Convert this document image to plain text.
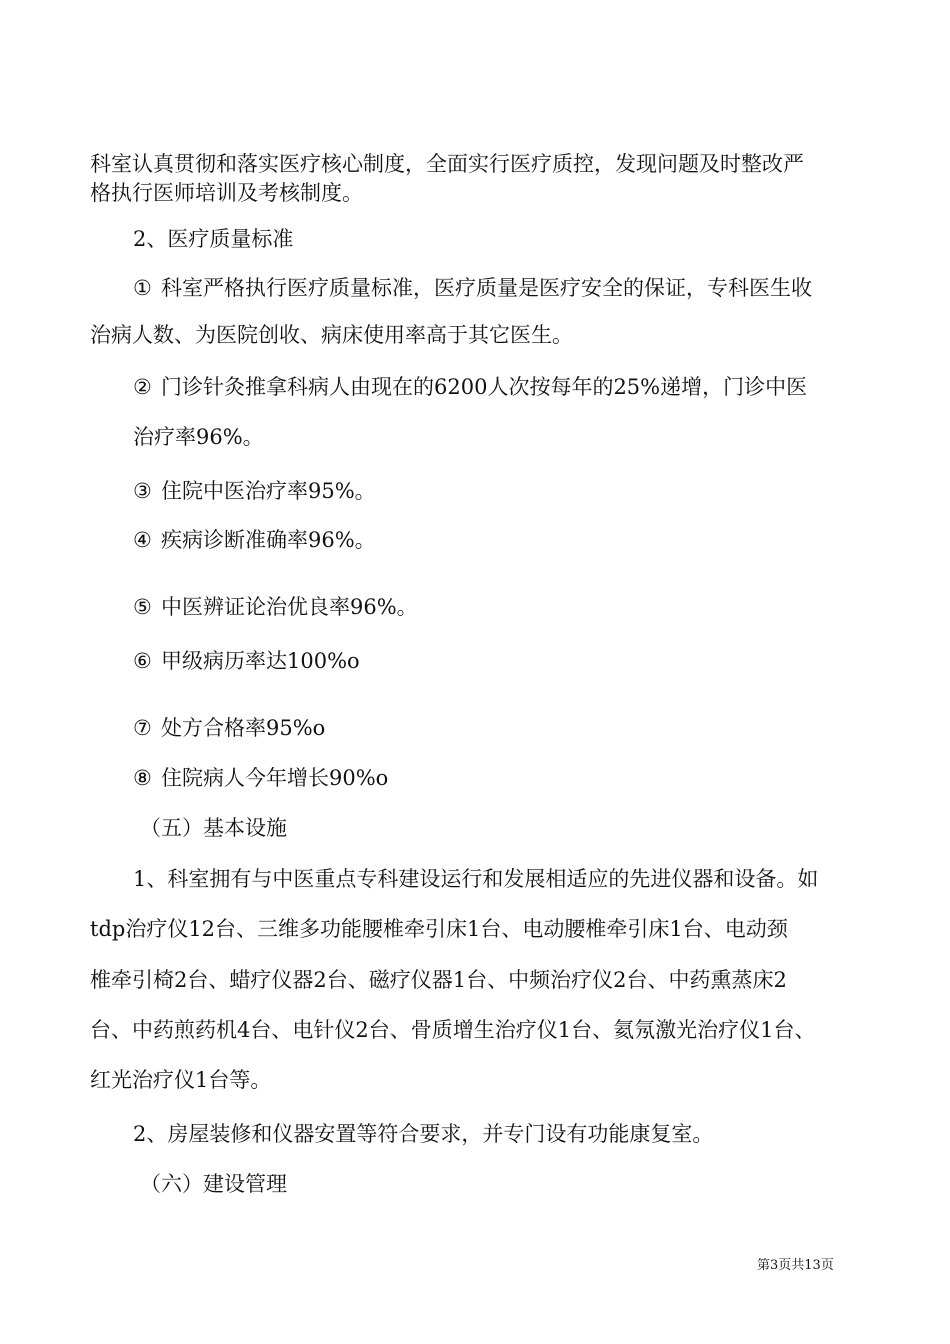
科室认真贯彻和落实医疗核心制度，全面实行医疗质控，发现问题及时整改严

格执行医师培训及考核制度。

2、医疗质量标准

① 科室严格执行医疗质量标准，医疗质量是医疗安全的保证，专科医生收

治病人数、为医院创收、病床使用率高于其它医生。

② 门诊针灸推拿科病人由现在的6200人次按每年的25%递增，门诊中医

治疗率96%。

③ 住院中医治疗率95%。

④ 疾病诊断准确率96%。

⑤ 中医辨证论治优良率96%。

⑥ 甲级病历率达100%o

⑦ 处方合格率95%o

⑧ 住院病人今年增长90%o

（五）基本设施

1、科室拥有与中医重点专科建设运行和发展相适应的先进仪器和设备。如

tdp治疗仪12台、三维多功能腰椎牵引床1台、电动腰椎牵引床1台、电动颈

椎牵引椅2台、蜡疗仪器2台、磁疗仪器1台、中频治疗仪2台、中药熏蒸床2

台、中药煎药机4台、电针仪2台、骨质增生治疗仪1台、氦氖激光治疗仪1台、

红光治疗仪1台等。

2、房屋装修和仪器安置等符合要求，并专门设有功能康复室。

（六）建设管理

第3页共13页
